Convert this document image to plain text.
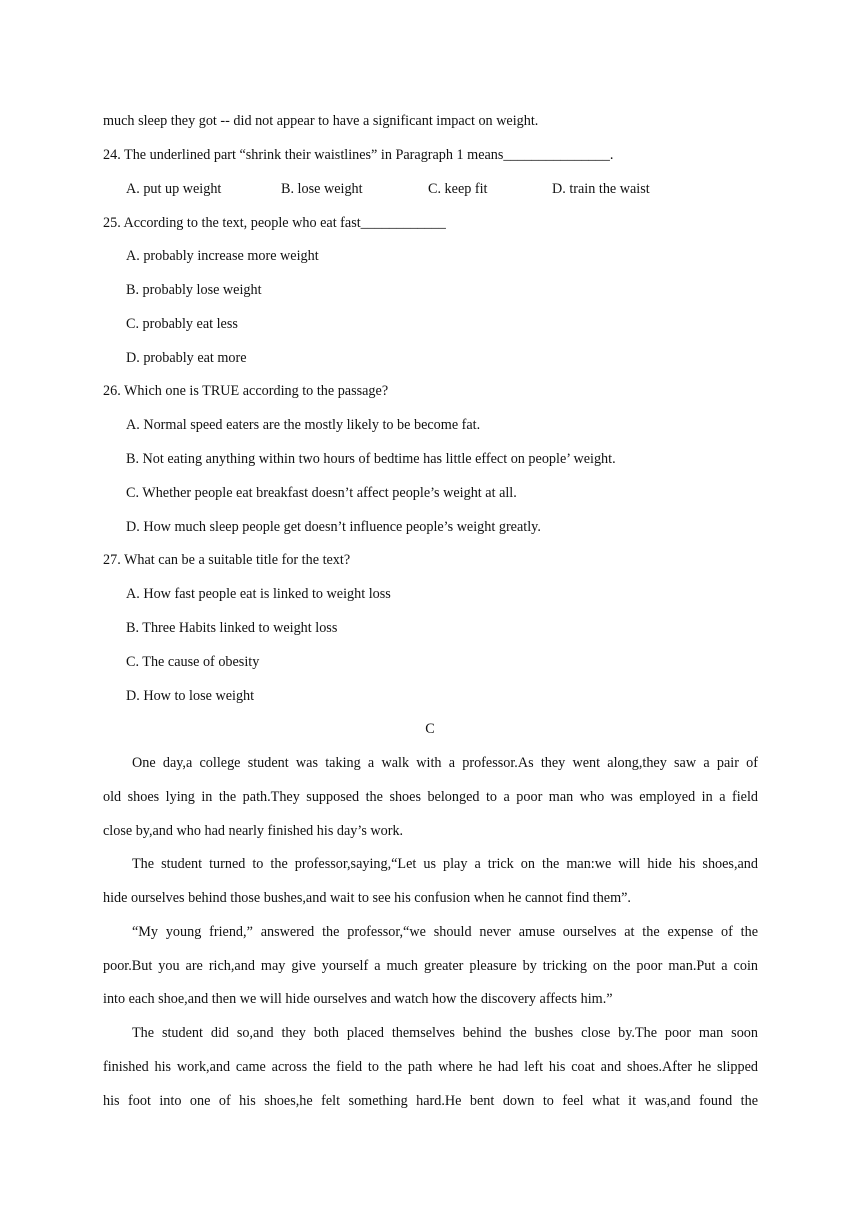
much sleep they got -- did not appear to have a significant impact on weight.
24. The underlined part “shrink their waistlines” in Paragraph 1 means_______________.
A. put up weight	B. lose weight	C. keep fit	D. train the waist
25. According to the text, people who eat fast____________
A. probably increase more weight
B. probably lose weight
C. probably eat less
D. probably eat more
26. Which one is TRUE according to the passage?
A. Normal speed eaters are the mostly likely to be become fat.
B. Not eating anything within two hours of bedtime has little effect on people’ weight.
C. Whether people eat breakfast doesn’t affect people’s weight at all.
D. How much sleep people get doesn’t influence people’s weight greatly.
27. What can be a suitable title for the text?
A. How fast people eat is linked to weight loss
B. Three Habits linked to weight loss
C. The cause of obesity
D. How to lose weight
C
One day,a college student was taking a walk with a professor.As they went along,they saw a pair of
old shoes lying in the path.They supposed the shoes belonged to a poor man who was employed in a field
close by,and who had nearly finished his day’s work.
The student turned to the professor,saying,“Let us play a trick on the man:we will hide his shoes,and
hide ourselves behind those bushes,and wait to see his confusion when he cannot find them”.
“My young friend,” answered the professor,“we should never amuse ourselves at the expense of the
poor.But you are rich,and may give yourself a much greater pleasure by tricking on the poor man.Put a coin
into each shoe,and then we will hide ourselves and watch how the discovery affects him.”
The student did so,and they both placed themselves behind the bushes close by.The poor man soon
finished his work,and came across the field to the path where he had left his coat and shoes.After he slipped
his foot into one of his shoes,he felt something hard.He bent down to feel what it was,and found the
